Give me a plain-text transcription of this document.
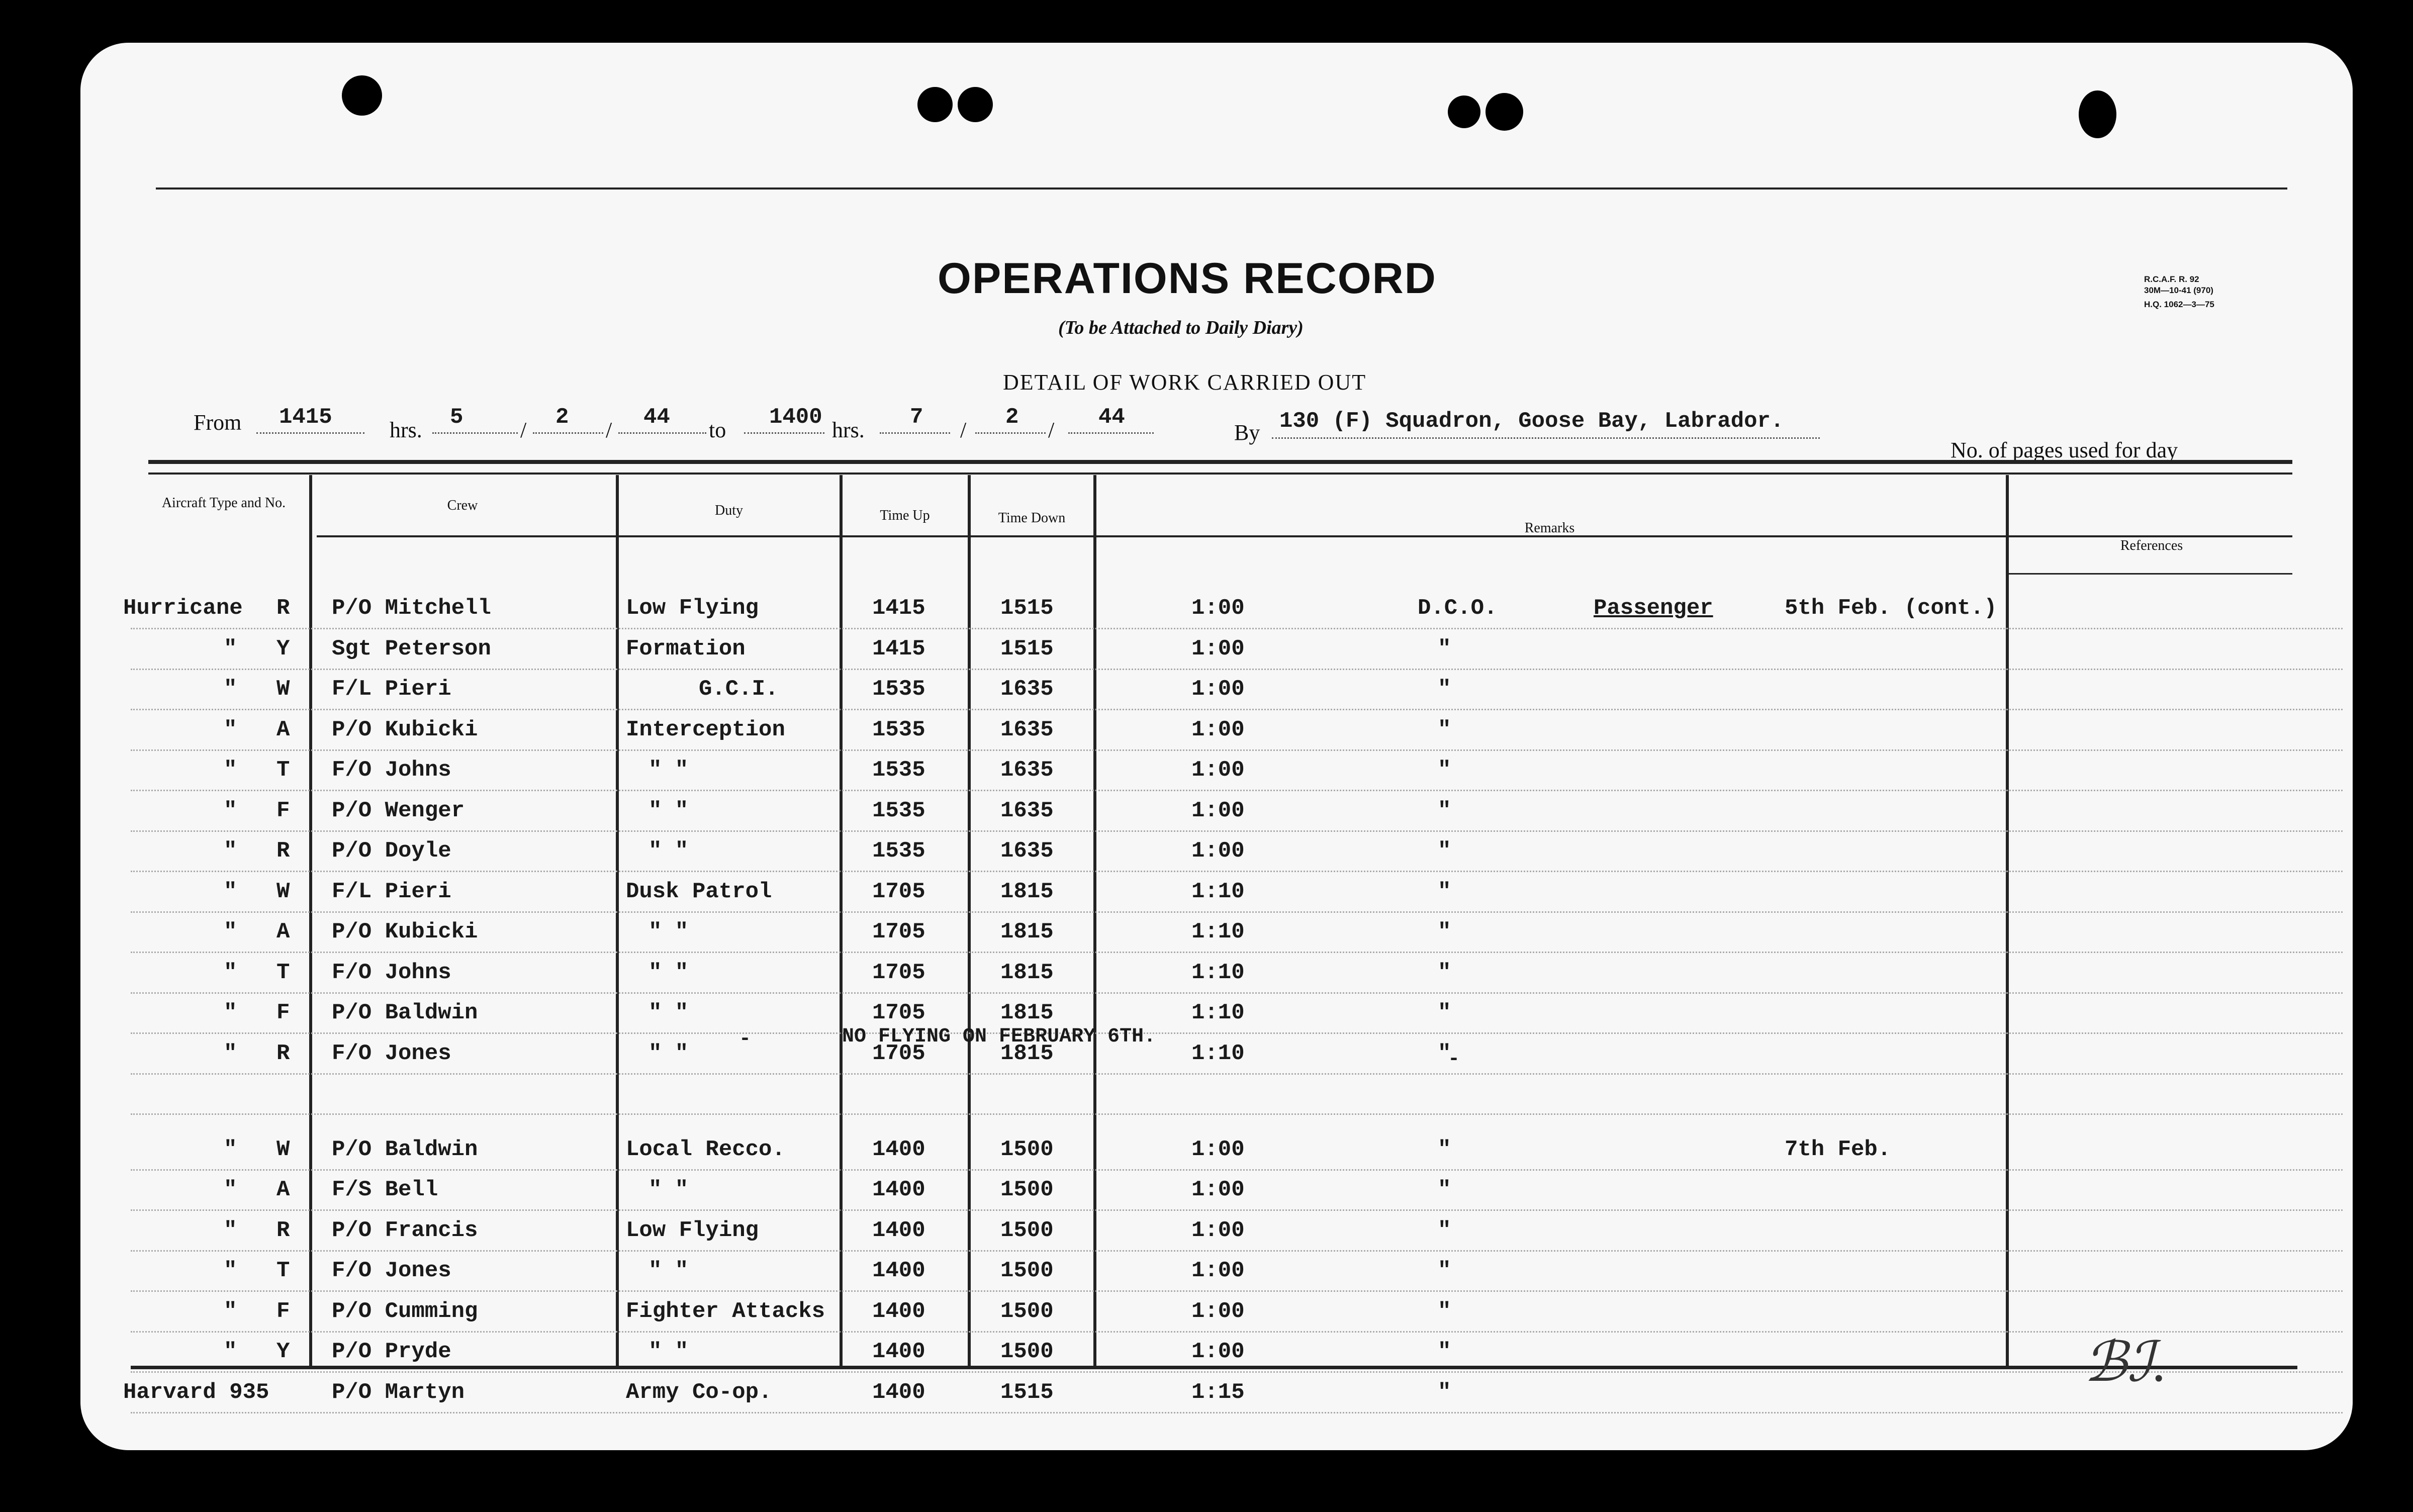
OPERATIONS RECORD
(To be Attached to Daily Diary)
DETAIL OF WORK CARRIED OUT
R.C.A.F. R. 92
30M—10-41 (970)
H.Q. 1062—3—75
From 1415
hrs.
5
/
2
/
44
to
1400
hrs.
7
/
2
/
44
By 130 (F) Squadron, Goose Bay, Labrador.
No. of pages used for day
Aircraft Type and No.	Crew	Duty	Time Up	Time Down
Remarks
References
Hurricane R P/O Mitchell	Low Flying	1415	1515	1:00	D.C.O.	Passenger	5th Feb. (cont.)
" Y Sgt Peterson	Formation	1415	1515	1:00	"
" W F/L Pieri	G.C.I.	1535	1635	1:00	"
" A P/O Kubicki	Interception	1535	1635	1:00	"
" T F/O Johns	" "	1535	1635	1:00	"
" F P/O Wenger	" "	1535	1635	1:00	"
" R P/O Doyle	" "	1535	1635	1:00	"
" W F/L Pieri	Dusk Patrol	1705	1815	1:10	"
" A P/O Kubicki	" "	1705	1815	1:10	"
" T F/O Johns	" "	1705	1815	1:10	"
" F P/O Baldwin	" "	1705	1815	1:10	"
" R F/O Jones	" "	1705	1815	1:10	"
" W P/O Baldwin	Local Recco.	1400	1500	1:00	"	7th Feb.
" A F/S Bell	" "	1400	1500	1:00	"
" R P/O Francis	Low Flying	1400	1500	1:00	"
" T F/O Jones	" "	1400	1500	1:00	"
" F P/O Cumming	Fighter Attacks 1400	1500	1:00	"
" Y P/O Pryde	" "	1400	1500	1:00	"
Harvard 935	P/O Martyn	Army Co-op.	1400	1515	1:15	"
NO FLYING ON FEBRUARY 6TH.
-
-
ℬℐ.
